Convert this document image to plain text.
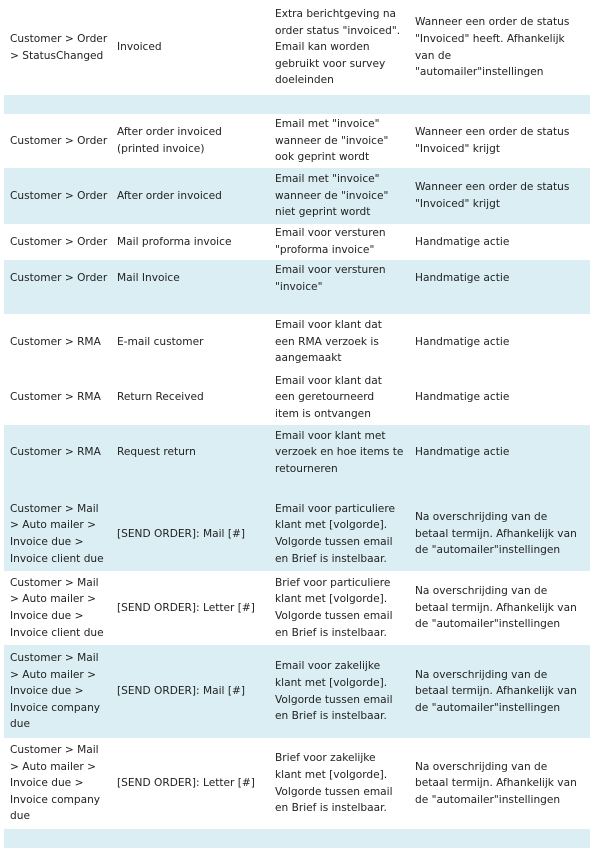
Customer > Order
> StatusChanged
Invoiced
Extra berichtgeving na
order status "invoiced".
Email kan worden
gebruikt voor survey
doeleinden
Wanneer een order de status
"Invoiced" heeft. Afhankelijk
van de
"automailer"instellingen
Customer > Order
After order invoiced
(printed invoice)
Email met "invoice"
wanneer de "invoice"
ook geprint wordt
Wanneer een order de status
"Invoiced" krijgt
Customer > Order After order invoiced
Email met "invoice"
wanneer de "invoice"
niet geprint wordt
Wanneer een order de status
"Invoiced" krijgt
Customer > Order Mail proforma invoice
Email voor versturen
"proforma invoice"
Handmatige actie
Customer > Order Mail Invoice
Email voor versturen
"invoice"
Handmatige actie
Customer > RMA E-mail customer
Email voor klant dat
een RMA verzoek is
aangemaakt
Handmatige actie
Customer > RMA Return Received
Email voor klant dat
een geretourneerd
item is ontvangen
Handmatige actie
Customer > RMA Request return
Email voor klant met
verzoek en hoe items te
retourneren
Handmatige actie
Customer > Mail
> Auto mailer >
Invoice due >
Invoice client due
[SEND ORDER]: Mail [#]
Email voor particuliere
klant met [volgorde].
Volgorde tussen email
en Brief is instelbaar.
Na overschrijding van de
betaal termijn. Afhankelijk van
de "automailer"instellingen
Customer > Mail
> Auto mailer >
Invoice due >
Invoice client due
[SEND ORDER]: Letter [#]
Brief voor particuliere
klant met [volgorde].
Volgorde tussen email
en Brief is instelbaar.
Na overschrijding van de
betaal termijn. Afhankelijk van
de "automailer"instellingen
Customer > Mail
> Auto mailer >
Invoice due >
Invoice company
due
[SEND ORDER]: Mail [#]
Email voor zakelijke
klant met [volgorde].
Volgorde tussen email
en Brief is instelbaar.
Na overschrijding van de
betaal termijn. Afhankelijk van
de "automailer"instellingen
Customer > Mail
> Auto mailer >
Invoice due >
Invoice company
due
[SEND ORDER]: Letter [#]
Brief voor zakelijke
klant met [volgorde].
Volgorde tussen email
en Brief is instelbaar.
Na overschrijding van de
betaal termijn. Afhankelijk van
de "automailer"instellingen
